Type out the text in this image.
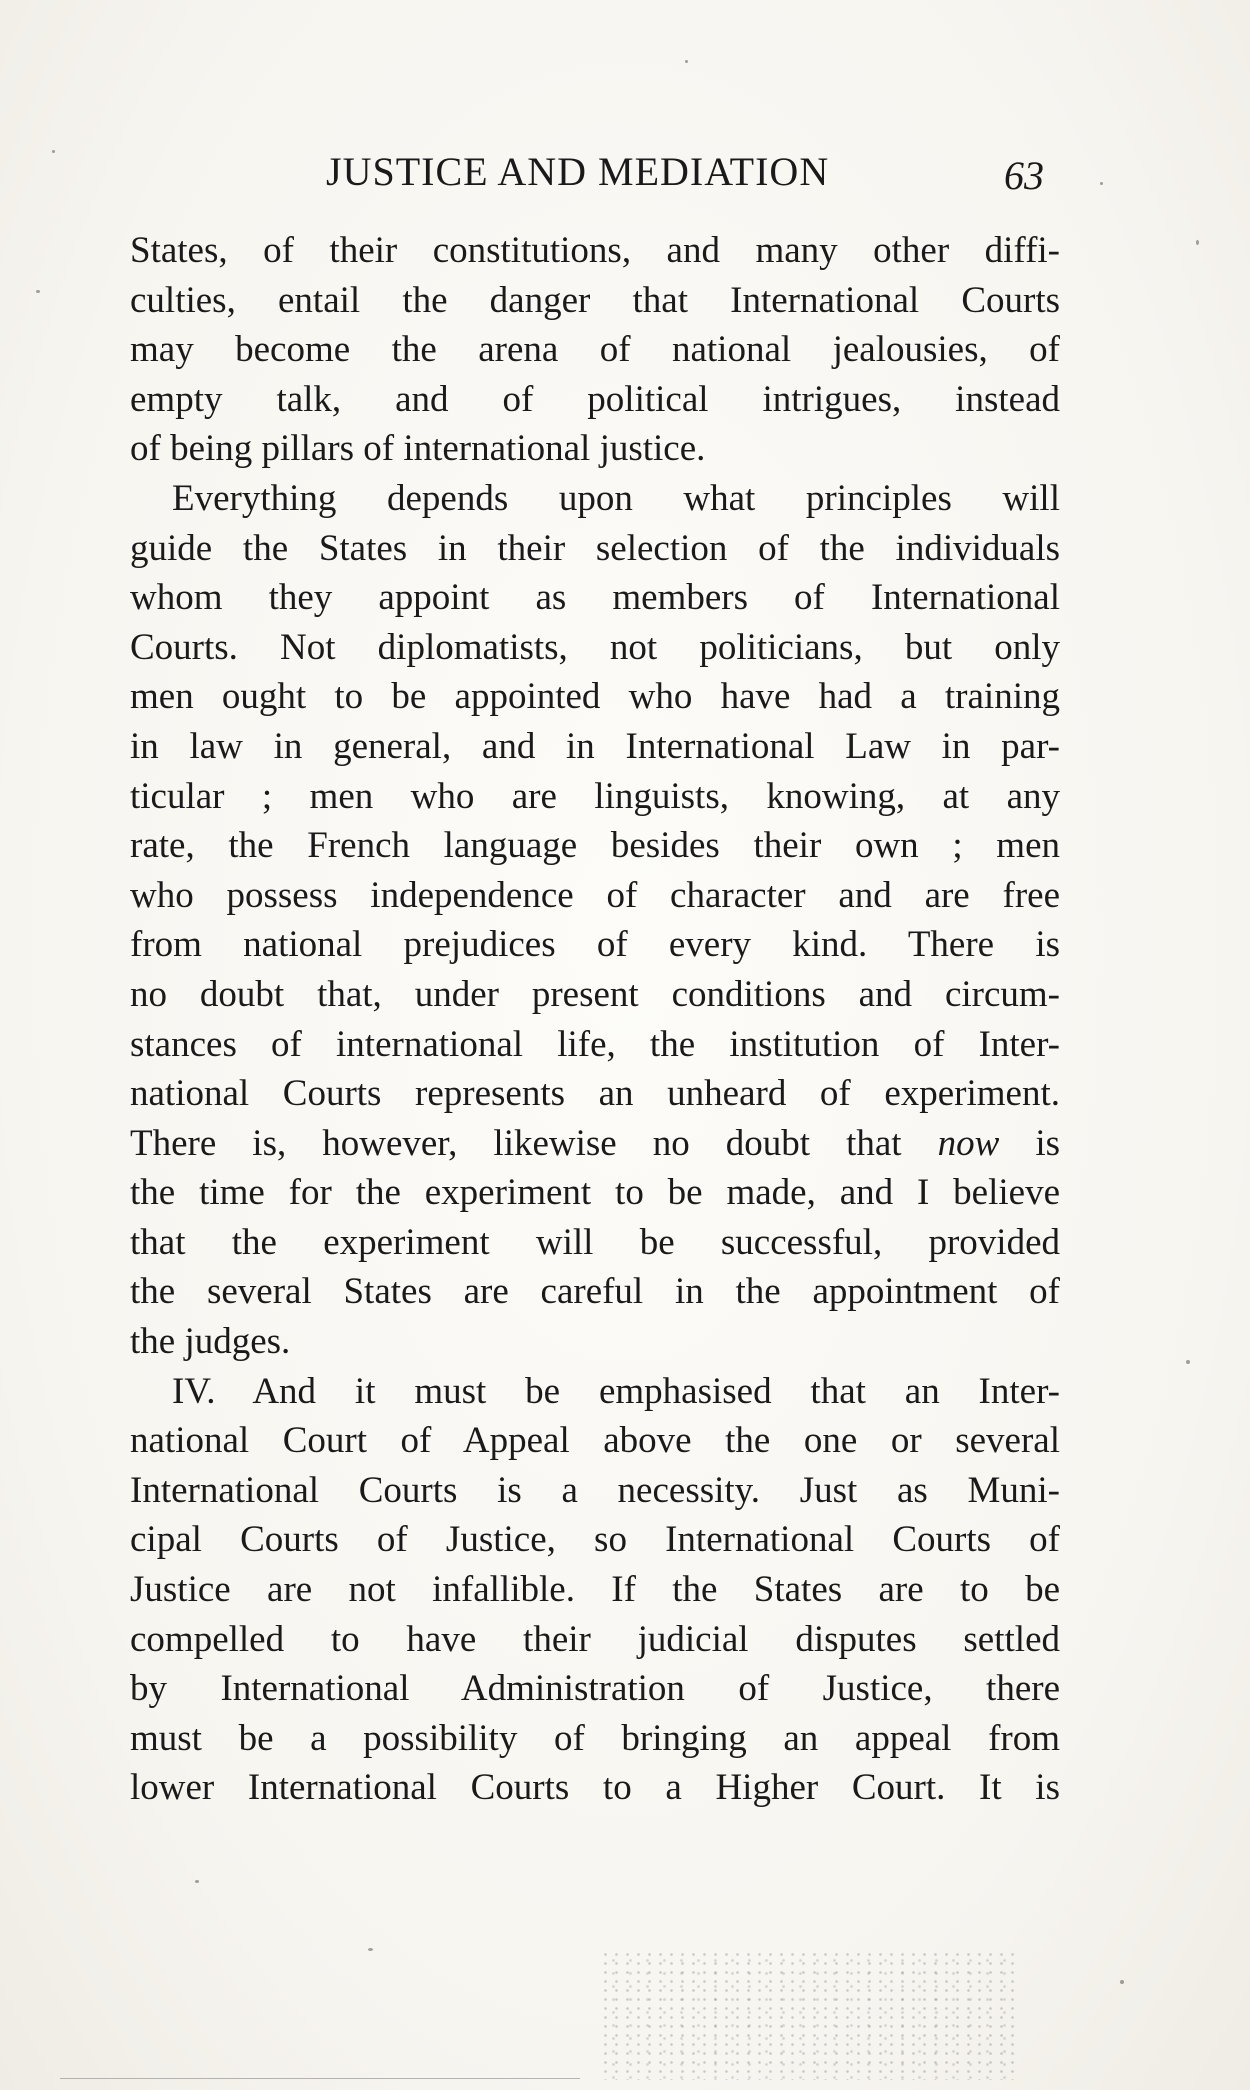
JUSTICE AND MEDIATION	63
States, of their constitutions, and many other diffi-
culties, entail the danger that International Courts
may become the arena of national jealousies, of
empty talk, and of political intrigues, instead
of being pillars of international justice.
Everything depends upon what principles will
guide the States in their selection of the individuals
whom they appoint as members of International
Courts. Not diplomatists, not politicians, but only
men ought to be appointed who have had a training
in law in general, and in International Law in par-
ticular ; men who are linguists, knowing, at any
rate, the French language besides their own ; men
who possess independence of character and are free
from national prejudices of every kind. There is
no doubt that, under present conditions and circum-
stances of international life, the institution of Inter-
national Courts represents an unheard of experiment.
There is, however, likewise no doubt that now is
the time for the experiment to be made, and I believe
that the experiment will be successful, provided
the several States are careful in the appointment of
the judges.
IV. And it must be emphasised that an Inter-
national Court of Appeal above the one or several
International Courts is a necessity. Just as Muni-
cipal Courts of Justice, so International Courts of
Justice are not infallible. If the States are to be
compelled to have their judicial disputes settled
by International Administration of Justice, there
must be a possibility of bringing an appeal from
lower International Courts to a Higher Court. It is
